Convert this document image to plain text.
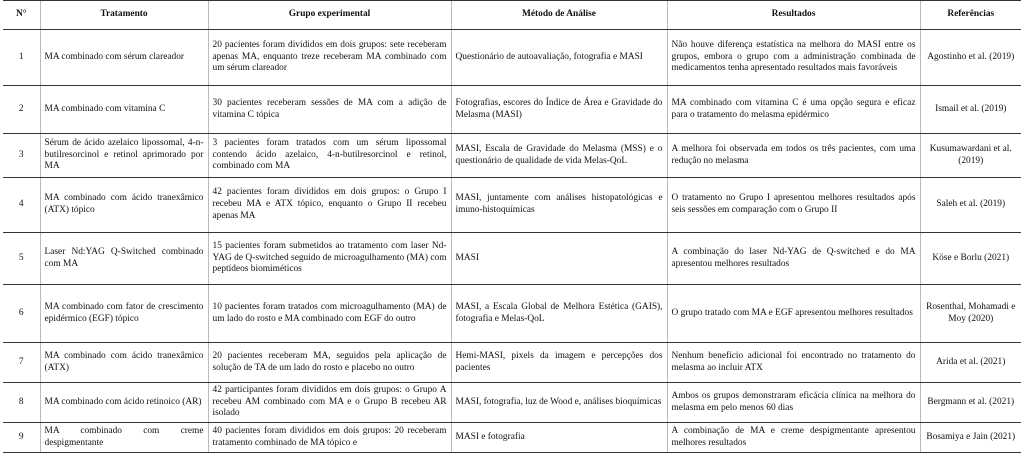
N°	Tratamento	Grupo experimental	Método de Análise	Resultados	Referências
1	MA combinado com sérum clareador	20 pacientes foram divididos em dois grupos: sete receberam apenas MA, enquanto treze receberam MA combinado com um sérum clareador	Questionário de autoavaliação, fotografia e MASI	Não houve diferença estatística na melhora do MASI entre os grupos, embora o grupo com a administração combinada de medicamentos tenha apresentado resultados mais favoráveis	Agostinho et al. (2019)
2	MA combinado com vitamina C	30 pacientes receberam sessões de MA com a adição de vitamina C tópica	Fotografias, escores do Índice de Área e Gravidade do Melasma (MASI)	MA combinado com vitamina C é uma opção segura e eficaz para o tratamento do melasma epidérmico	Ismail et al. (2019)
3	Sérum de ácido azelaico lipossomal, 4-n-butilresorcinol e retinol aprimorado por MA	3 pacientes foram tratados com um sérum lipossomal contendo ácido azelaico, 4-n-butilresorcinol e retinol, combinado com MA	MASI, Escala de Gravidade do Melasma (MSS) e o questionário de qualidade de vida Melas-QoL	A melhora foi observada em todos os três pacientes, com uma redução no melasma	Kusumawardani et al. (2019)
4	MA combinado com ácido tranexâmico (ATX) tópico	42 pacientes foram divididos em dois grupos: o Grupo I recebeu MA e ATX tópico, enquanto o Grupo II recebeu apenas MA	MASI, juntamente com análises histopatológicas e imuno-histoquímicas	O tratamento no Grupo I apresentou melhores resultados após seis sessões em comparação com o Grupo II	Saleh et al. (2019)
5	Laser Nd:YAG Q-Switched combinado com MA	15 pacientes foram submetidos ao tratamento com laser Nd-YAG de Q-switched seguido de microagulhamento (MA) com peptídeos biomiméticos	MASI	A combinação do laser Nd-YAG de Q-switched e do MA apresentou melhores resultados	Köse e Borlu (2021)
6	MA combinado com fator de crescimento epidérmico (EGF) tópico	10 pacientes foram tratados com microagulhamento (MA) de um lado do rosto e MA combinado com EGF do outro	MASI, a Escala Global de Melhora Estética (GAIS), fotografia e Melas-QoL	O grupo tratado com MA e EGF apresentou melhores resultados	Rosenthal, Mohamadi e Moy (2020)
7	MA combinado com ácido tranexâmico (ATX)	20 pacientes receberam MA, seguidos pela aplicação de solução de TA de um lado do rosto e placebo no outro	Hemi-MASI, pixels da imagem e percepções dos pacientes	Nenhum benefício adicional foi encontrado no tratamento do melasma ao incluir ATX	Arida et al. (2021)
8	MA combinado com ácido retinoico (AR)	42 participantes foram divididos em dois grupos: o Grupo A recebeu AM combinado com MA e o Grupo B recebeu AR isolado	MASI, fotografia, luz de Wood e, análises bioquímicas	Ambos os grupos demonstraram eficácia clínica na melhora do melasma em pelo menos 60 dias	Bergmann et al. (2021)
9	MA combinado com creme despigmentante	40 pacientes foram divididos em dois grupos: 20 receberam tratamento combinado de MA tópico e	MASI e fotografia	A combinação de MA e creme despigmentante apresentou melhores resultados	Bosamiya e Jain (2021)
